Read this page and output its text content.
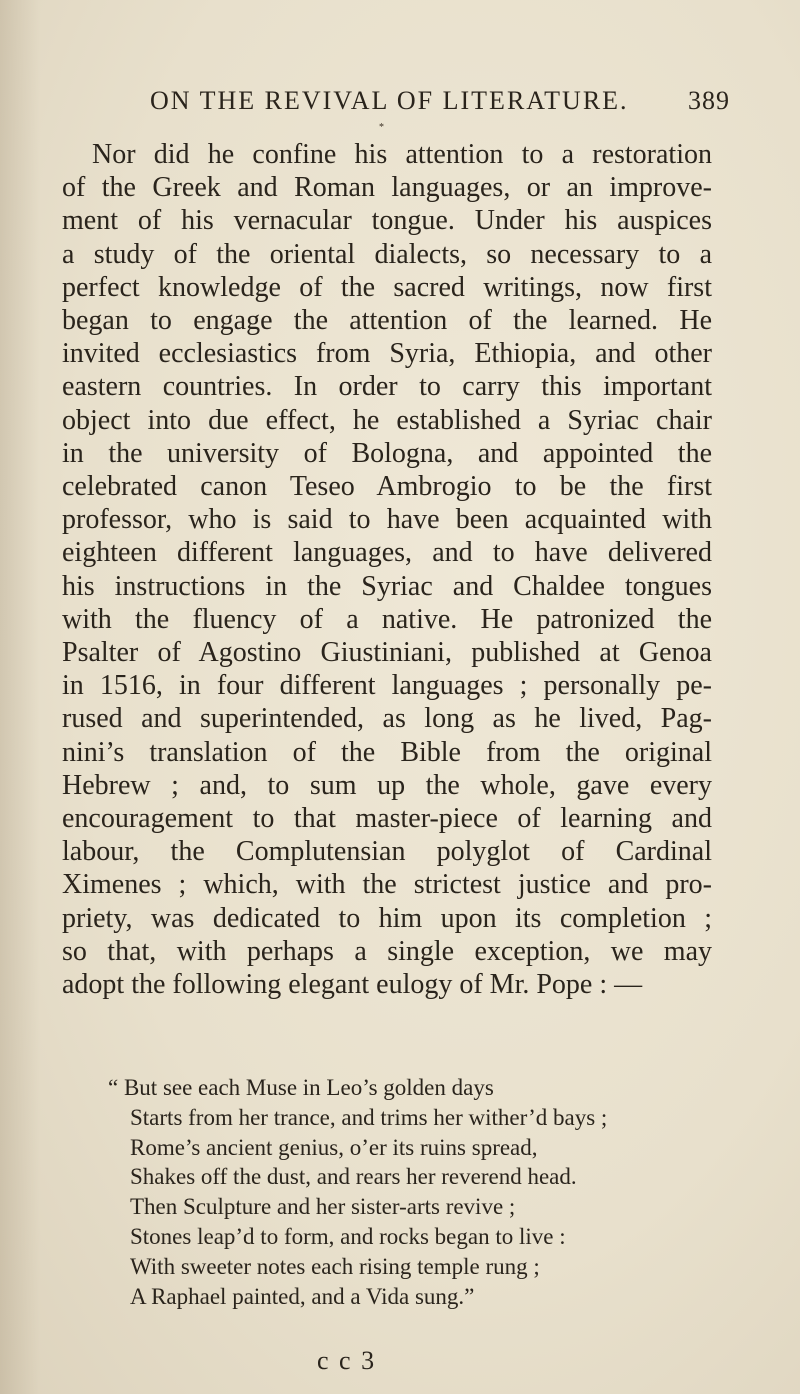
ON THE REVIVAL OF LITERATURE. 389
*
Nor did he confine his attention to a restoration
of the Greek and Roman languages, or an improve-
ment of his vernacular tongue. Under his auspices
a study of the oriental dialects, so necessary to a
perfect knowledge of the sacred writings, now first
began to engage the attention of the learned. He
invited ecclesiastics from Syria, Ethiopia, and other
eastern countries. In order to carry this important
object into due effect, he established a Syriac chair
in the university of Bologna, and appointed the
celebrated canon Teseo Ambrogio to be the first
professor, who is said to have been acquainted with
eighteen different languages, and to have delivered
his instructions in the Syriac and Chaldee tongues
with the fluency of a native. He patronized the
Psalter of Agostino Giustiniani, published at Genoa
in 1516, in four different languages ; personally pe-
rused and superintended, as long as he lived, Pag-
nini’s translation of the Bible from the original
Hebrew ; and, to sum up the whole, gave every
encouragement to that master-piece of learning and
labour, the Complutensian polyglot of Cardinal
Ximenes ; which, with the strictest justice and pro-
priety, was dedicated to him upon its completion ;
so that, with perhaps a single exception, we may
adopt the following elegant eulogy of Mr. Pope : —
“ But see each Muse in Leo’s golden days
Starts from her trance, and trims her wither’d bays ;
Rome’s ancient genius, o’er its ruins spread,
Shakes off the dust, and rears her reverend head.
Then Sculpture and her sister-arts revive ;
Stones leap’d to form, and rocks began to live :
With sweeter notes each rising temple rung ;
A Raphael painted, and a Vida sung.”
c c 3
